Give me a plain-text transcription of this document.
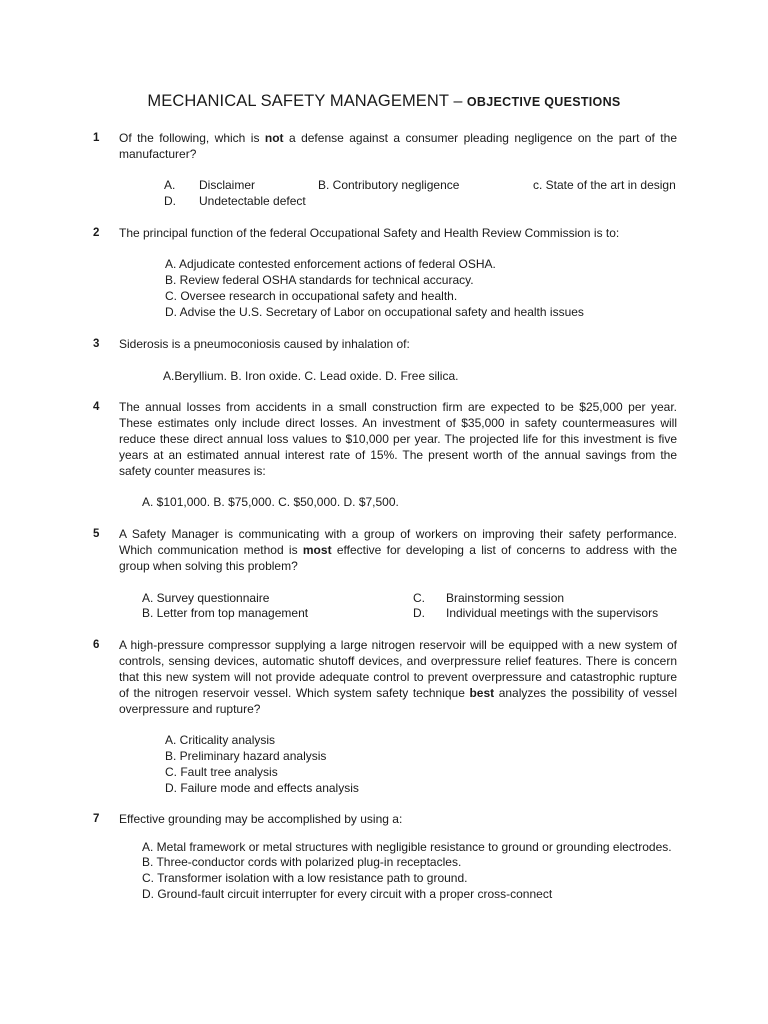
MECHANICAL SAFETY MANAGEMENT – OBJECTIVE QUESTIONS
1 Of the following, which is not a defense against a consumer pleading negligence on the part of the manufacturer?
A. Disclaimer	B. Contributory negligence	c. State of the art in design
D. Undetectable defect
2 The principal function of the federal Occupational Safety and Health Review Commission is to:
A. Adjudicate contested enforcement actions of federal OSHA.
B. Review federal OSHA standards for technical accuracy.
C. Oversee research in occupational safety and health.
D. Advise the U.S. Secretary of Labor on occupational safety and health issues
3 Siderosis is a pneumoconiosis caused by inhalation of:
A.Beryllium. B. Iron oxide. C. Lead oxide. D. Free silica.
4 The annual losses from accidents in a small construction firm are expected to be $25,000 per year. These estimates only include direct losses. An investment of $35,000 in safety countermeasures will reduce these direct annual loss values to $10,000 per year. The projected life for this investment is five years at an estimated annual interest rate of 15%. The present worth of the annual savings from the safety counter measures is:
A. $101,000. B. $75,000. C. $50,000. D. $7,500.
5 A Safety Manager is communicating with a group of workers on improving their safety performance. Which communication method is most effective for developing a list of concerns to address with the group when solving this problem?
A. Survey questionnaire
B. Letter from top management
C. Brainstorming session
D. Individual meetings with the supervisors
6 A high-pressure compressor supplying a large nitrogen reservoir will be equipped with a new system of controls, sensing devices, automatic shutoff devices, and overpressure relief features. There is concern that this new system will not provide adequate control to prevent overpressure and catastrophic rupture of the nitrogen reservoir vessel. Which system safety technique best analyzes the possibility of vessel overpressure and rupture?
A. Criticality analysis
B. Preliminary hazard analysis
C. Fault tree analysis
D. Failure mode and effects analysis
7 Effective grounding may be accomplished by using a:
A. Metal framework or metal structures with negligible resistance to ground or grounding electrodes.
B. Three-conductor cords with polarized plug-in receptacles.
C. Transformer isolation with a low resistance path to ground.
D. Ground-fault circuit interrupter for every circuit with a proper cross-connect
